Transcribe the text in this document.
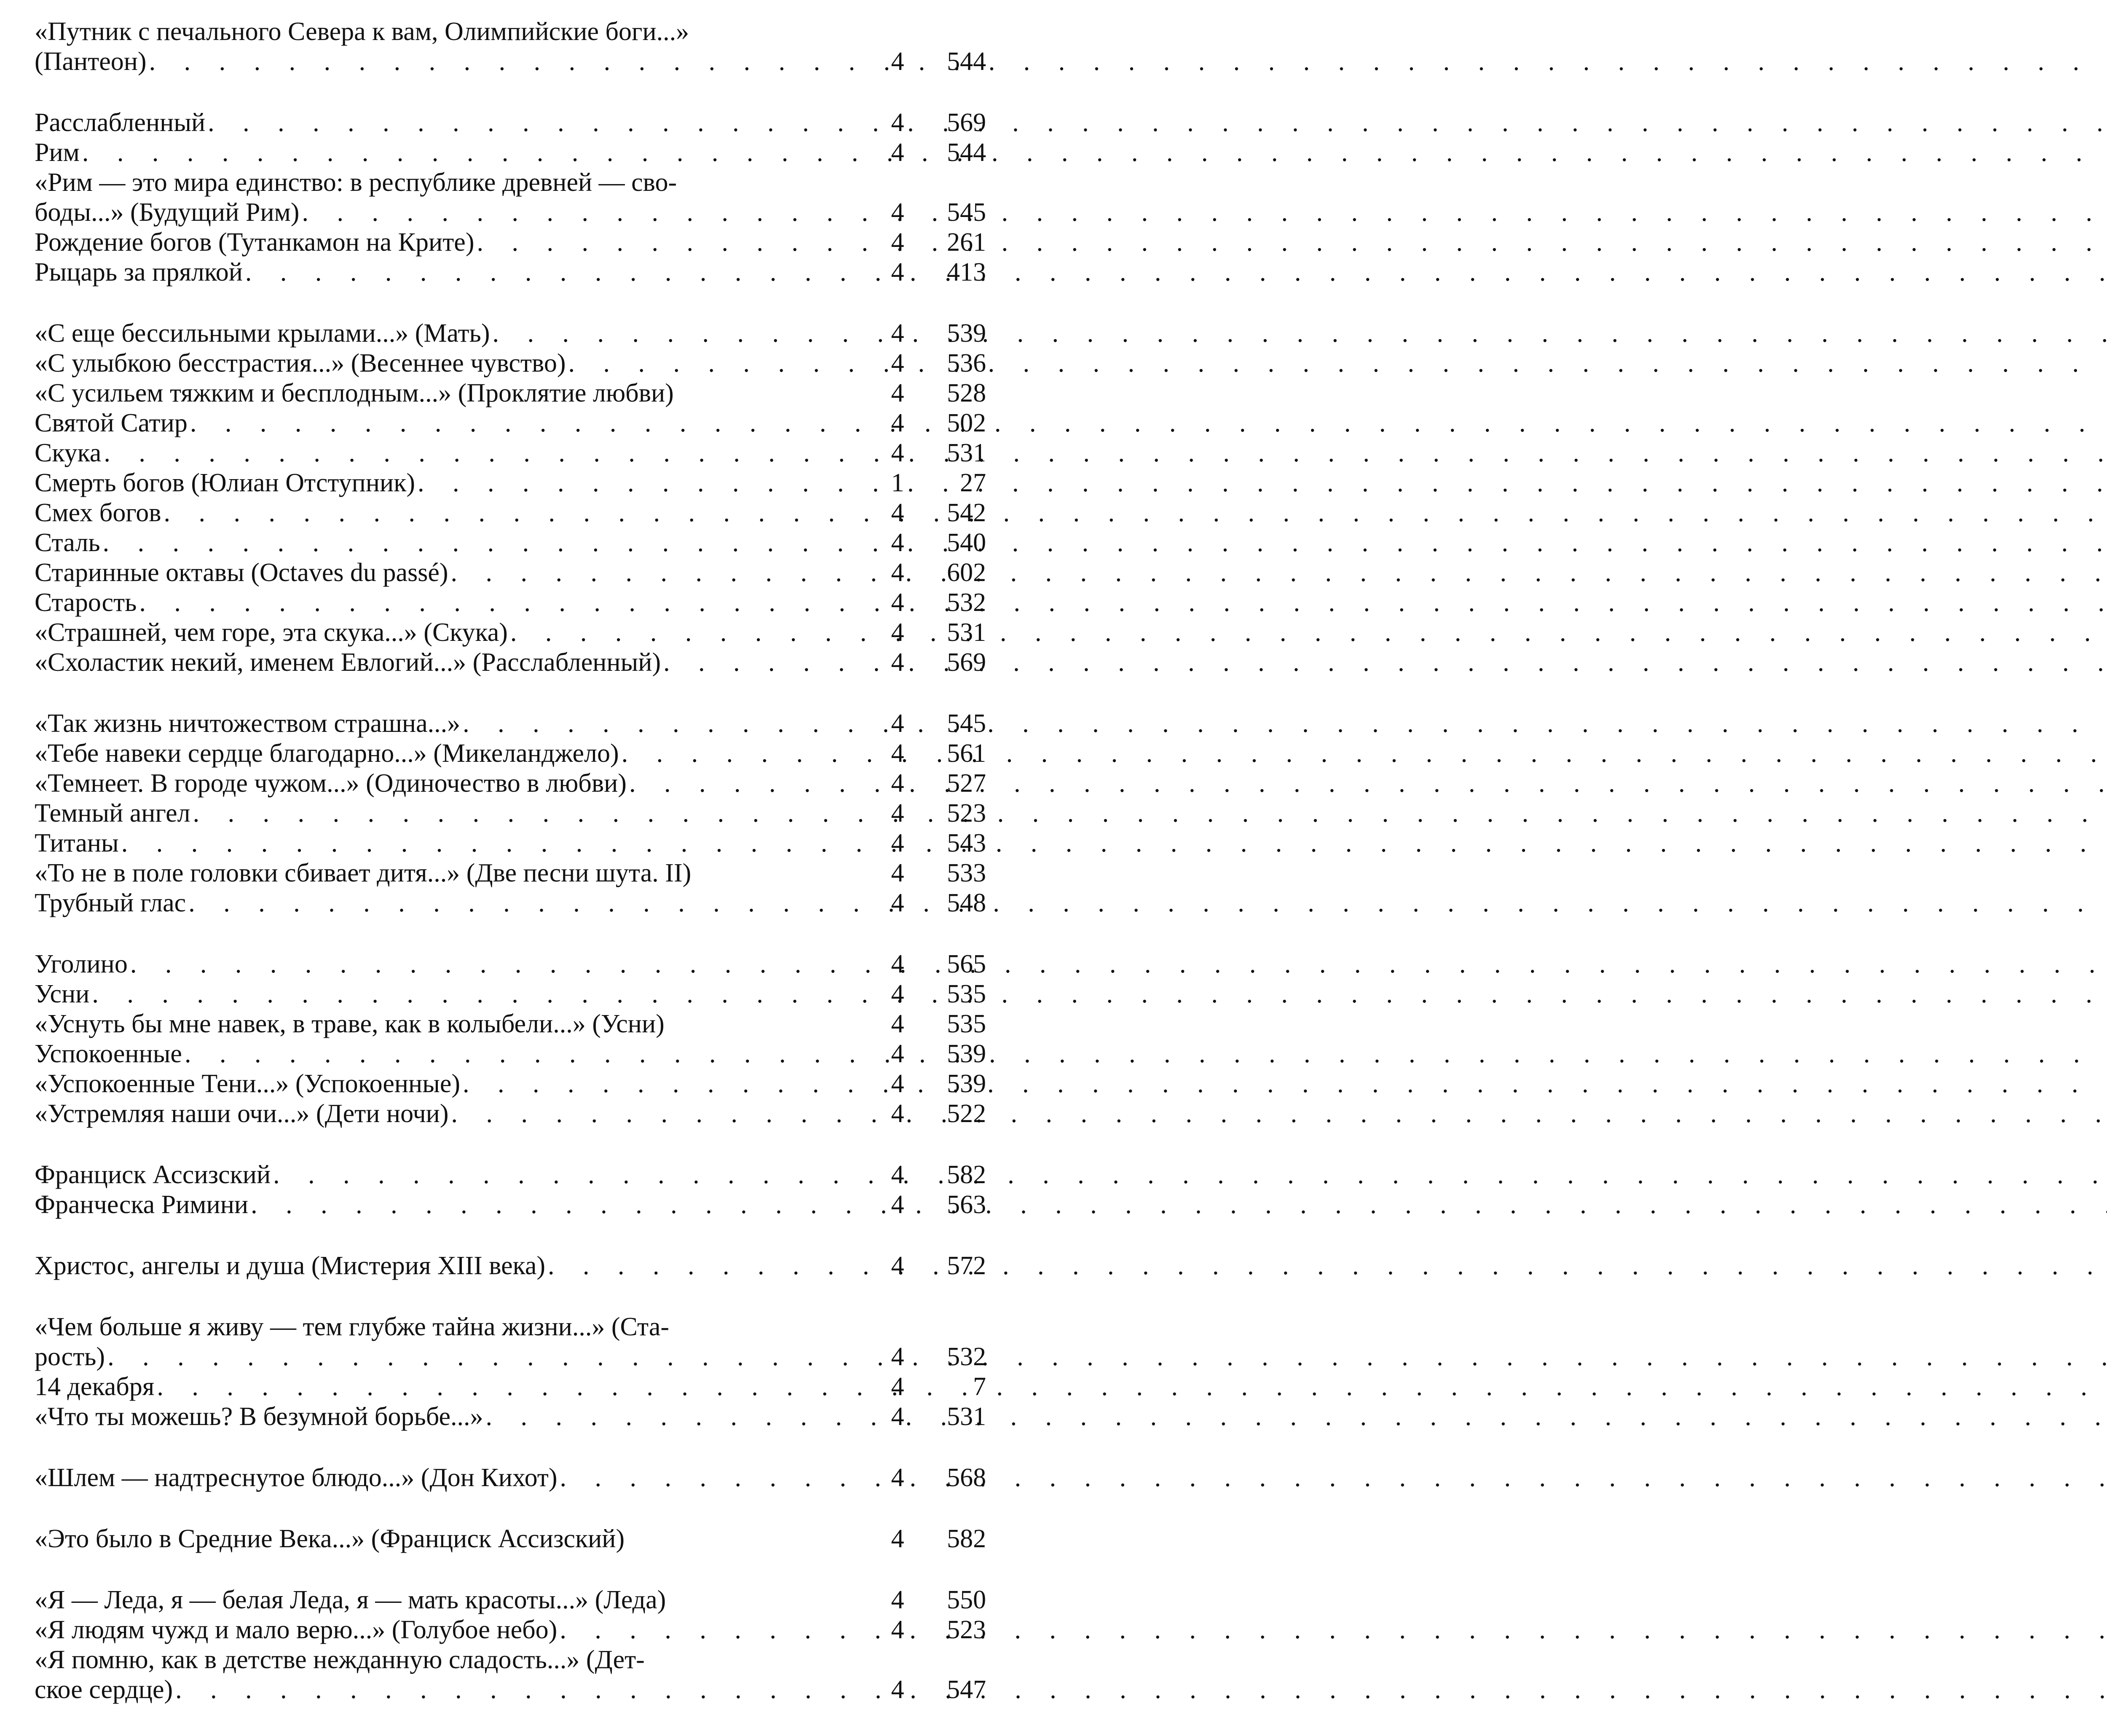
«Путник с печального Севера к вам, Олимпийские боги...»
(Пантеон) . . .	4	544
Расслабленный . . .	4	569
Рим . . .	4	544
«Рим — это мира единство: в республике древней — сво-
боды...» (Будущий Рим) . . .	4	545
Рождение богов (Тутанкамон на Крите) . . .	4	261
Рыцарь за прялкой . . .	4	413
«С еще бессильными крылами...» (Мать) . . .	4	539
«С улыбкою бесстрастия...» (Весеннее чувство) . . .	4	536
«С усильем тяжким и бесплодным...» (Проклятие любви)	4	528
Святой Сатир . . .	4	502
Скука . . .	4	531
Смерть богов (Юлиан Отступник) . . .	1	27
Смех богов . . .	4	542
Сталь . . .	4	540
Старинные октавы (Octaves du passé) . . .	4	602
Старость . . .	4	532
«Страшней, чем горе, эта скука...» (Скука) . . .	4	531
«Схоластик некий, именем Евлогий...» (Расслабленный) . . .	4	569
«Так жизнь ничтожеством страшна...» . . .	4	545
«Тебе навеки сердце благодарно...» (Микеланджело) . . .	4	561
«Темнеет. В городе чужом...» (Одиночество в любви) . . .	4	527
Темный ангел . . .	4	523
Титаны . . .	4	543
«То не в поле головки сбивает дитя...» (Две песни шута. II)	4	533
Трубный глас . . .	4	548
Уголино . . .	4	565
Усни . . .	4	535
«Уснуть бы мне навек, в траве, как в колыбели...» (Усни)	4	535
Успокоенные . . .	4	539
«Успокоенные Тени...» (Успокоенные) . . .	4	539
«Устремляя наши очи...» (Дети ночи) . . .	4	522
Франциск Ассизский . . .	4	582
Франческа Римини . . .	4	563
Христос, ангелы и душа (Мистерия XIII века) . . .	4	572
«Чем больше я живу — тем глубже тайна жизни...» (Ста-
рость) . . .	4	532
14 декабря . . .	4	7
«Что ты можешь? В безумной борьбе...» . . .	4	531
«Шлем — надтреснутое блюдо...» (Дон Кихот) . . .	4	568
«Это было в Средние Века...» (Франциск Ассизский)	4	582
«Я — Леда, я — белая Леда, я — мать красоты...» (Леда)	4	550
«Я людям чужд и мало верю...» (Голубое небо) . . .	4	523
«Я помню, как в детстве нежданную сладость...» (Дет-
ское сердце) . . .	4	547
